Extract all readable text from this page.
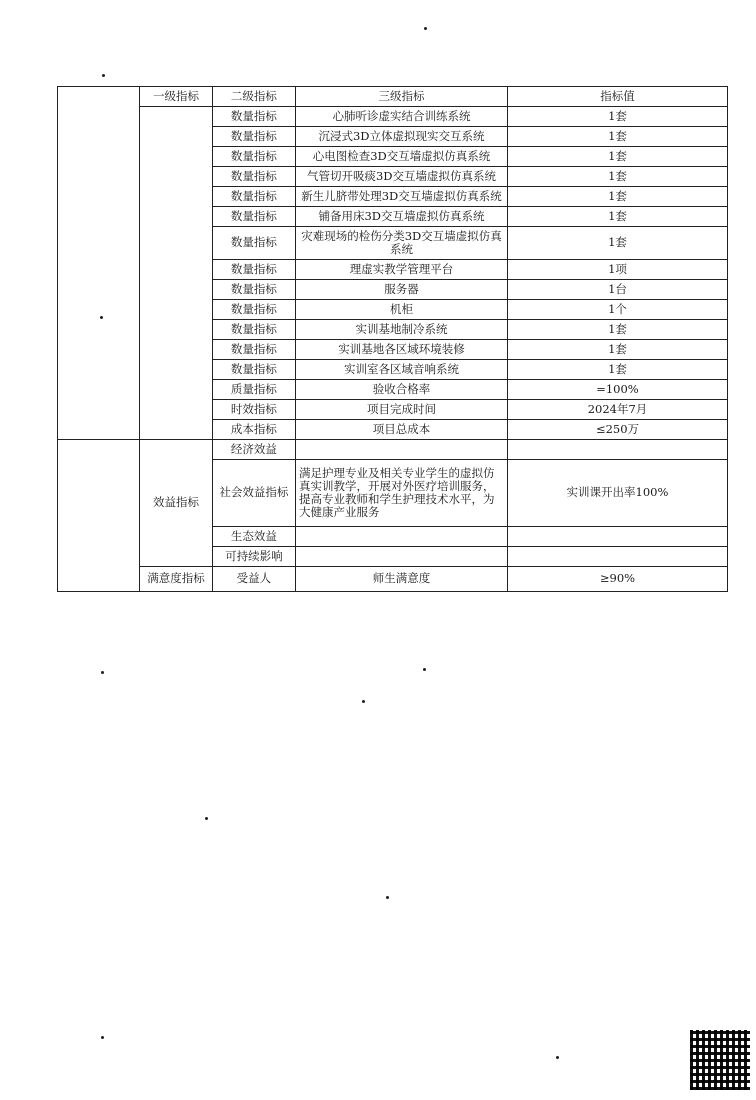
	一级指标	二级指标	三级指标	指标值
		数量指标	心肺听诊虚实结合训练系统	1套
		数量指标	沉浸式3D立体虚拟现实交互系统	1套
		数量指标	心电图检查3D交互墙虚拟仿真系统	1套
		数量指标	气管切开吸痰3D交互墙虚拟仿真系统	1套
		数量指标	新生儿脐带处理3D交互墙虚拟仿真系统	1套
		数量指标	铺备用床3D交互墙虚拟仿真系统	1套
		数量指标	灾难现场的检伤分类3D交互墙虚拟仿真系统	1套
		数量指标	理虚实教学管理平台	1项
		数量指标	服务器	1台
		数量指标	机柜	1个
		数量指标	实训基地制冷系统	1套
		数量指标	实训基地各区域环境装修	1套
		数量指标	实训室各区域音响系统	1套
		质量指标	验收合格率	=100%
		时效指标	项目完成时间	2024年7月
		成本指标	项目总成本	≤250万
	效益指标	经济效益		
		社会效益指标	满足护理专业及相关专业学生的虚拟仿真实训教学，开展对外医疗培训服务，提高专业教师和学生护理技术水平，为大健康产业服务	实训课开出率100%
		生态效益		
		可持续影响		
	满意度指标	受益人	师生满意度	≥90%
